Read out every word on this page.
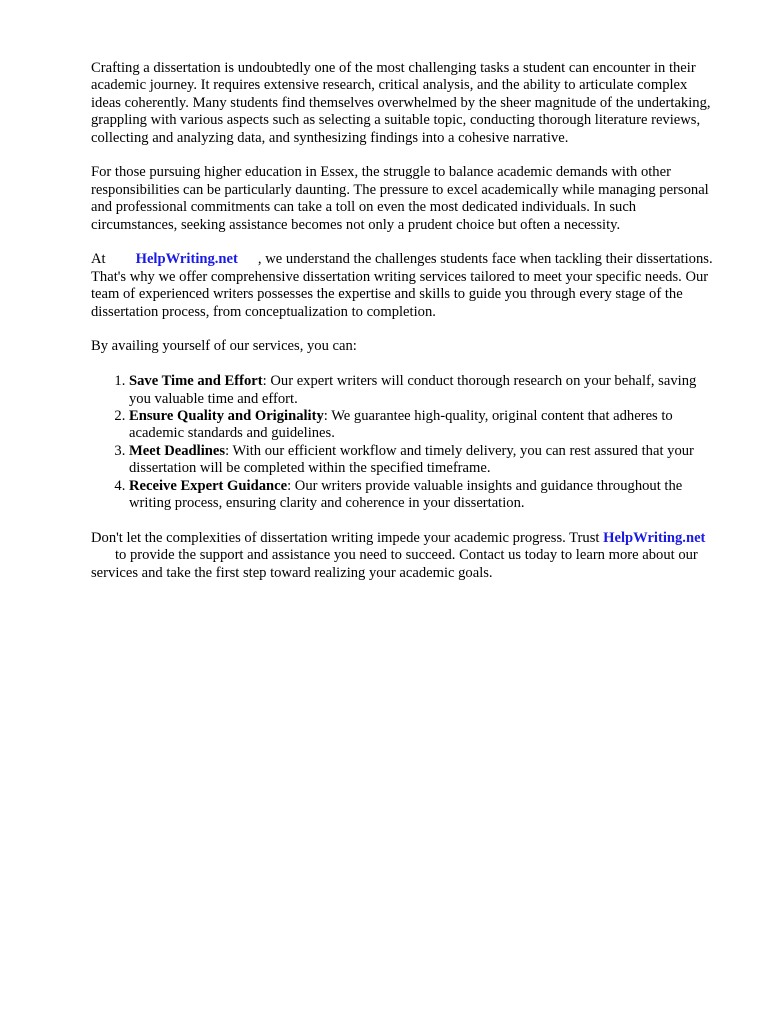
Crafting a dissertation is undoubtedly one of the most challenging tasks a student can encounter in their academic journey. It requires extensive research, critical analysis, and the ability to articulate complex ideas coherently. Many students find themselves overwhelmed by the sheer magnitude of the undertaking, grappling with various aspects such as selecting a suitable topic, conducting thorough literature reviews, collecting and analyzing data, and synthesizing findings into a cohesive narrative.

For those pursuing higher education in Essex, the struggle to balance academic demands with other responsibilities can be particularly daunting. The pressure to excel academically while managing personal and professional commitments can take a toll on even the most dedicated individuals. In such circumstances, seeking assistance becomes not only a prudent choice but often a necessity.

At HelpWriting.net , we understand the challenges students face when tackling their dissertations. That's why we offer comprehensive dissertation writing services tailored to meet your specific needs. Our team of experienced writers possesses the expertise and skills to guide you through every stage of the dissertation process, from conceptualization to completion.

By availing yourself of our services, you can:

1. Save Time and Effort: Our expert writers will conduct thorough research on your behalf, saving you valuable time and effort.
2. Ensure Quality and Originality: We guarantee high-quality, original content that adheres to academic standards and guidelines.
3. Meet Deadlines: With our efficient workflow and timely delivery, you can rest assured that your dissertation will be completed within the specified timeframe.
4. Receive Expert Guidance: Our writers provide valuable insights and guidance throughout the writing process, ensuring clarity and coherence in your dissertation.

Don't let the complexities of dissertation writing impede your academic progress. Trust HelpWriting.netto provide the support and assistance you need to succeed. Contact us today to learn more about our services and take the first step toward realizing your academic goals.
